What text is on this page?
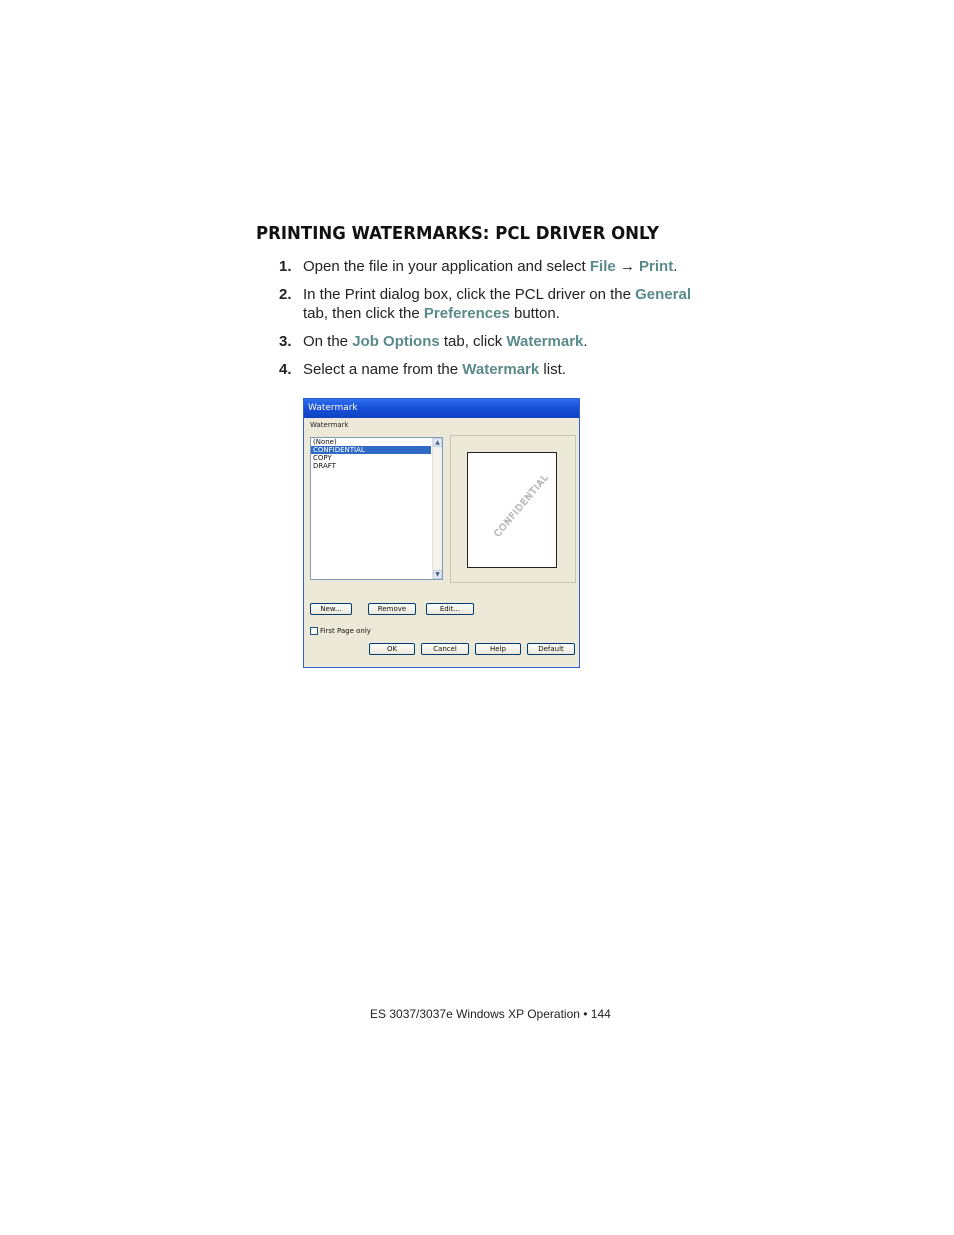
PRINTING WATERMARKS: PCL DRIVER ONLY
1. Open the file in your application and select File → Print.
2. In the Print dialog box, click the PCL driver on the General
tab, then click the Preferences button.
3. On the Job Options tab, click Watermark.
4. Select a name from the Watermark list.
Watermark
Watermark
(None)
CONFIDENTIAL
COPY
DRAFT
▲
▼
CONFIDENTIAL
New...	Remove	Edit...
First Page only
OK	Cancel	Help	Default
ES 3037/3037e Windows XP Operation • 144
